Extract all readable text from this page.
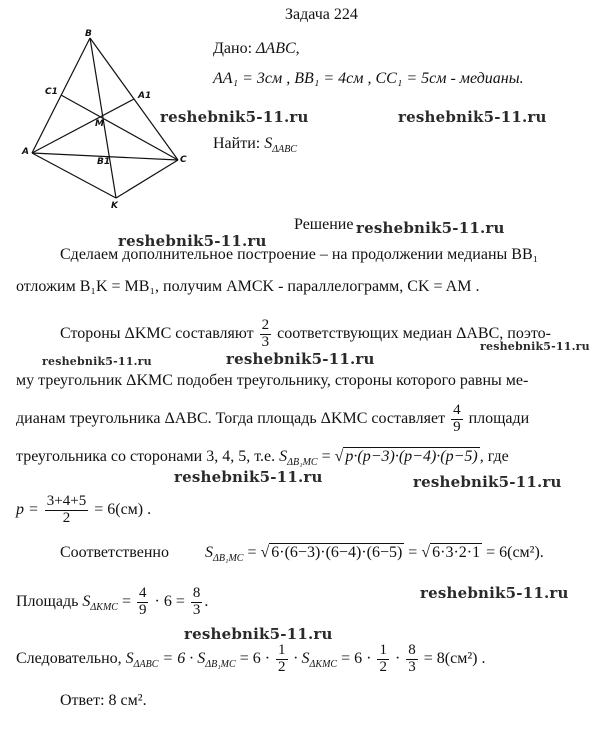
Задача 224
B
C1	A1
M
A
B1	C
K
Дано: ΔABC,
AA₁ = 3см , BB₁ = 4см , CC₁ = 5см - медианы.
reshebnik5-11.ru	reshebnik5-11.ru
Найти: $S_{\Delta ABC}$
Решение reshebnik5-11.ru
reshebnik5-11.ru
Сделаем дополнительное построение – на продолжении медианы BB₁
отложим B₁K = MB₁, получим AMCK - параллелограмм, CK = AM .
Стороны ΔKMC составляют $\frac{2}{3}$ соответствующих медиан ΔABC, поэто-
reshebnik5-11.ru
reshebnik5-11.ru	reshebnik5-11.ru
му треугольник ΔKMC подобен треугольнику, стороны которого равны ме-
дианам треугольника ΔABC. Тогда площадь ΔKMC составляет $\frac{4}{9}$ площади
треугольника со сторонами 3, 4, 5, т.е. $S_{\Delta B_1MC}$ = √ p·(p−3)·(p−4)·(p−5) , где
reshebnik5-11.ru	reshebnik5-11.ru
$p = \frac{3+4+5}{2} = 6(см)$ .
Соответственно $S_{\Delta B_1MC}$ = √ 6·(6−3)·(6−4)·(6−5) = √ 6·3·2·1 = 6(см²).
reshebnik5-11.ru
Площадь $S_{\Delta KMC} = \frac{4}{9} \cdot 6 = \frac{8}{3}$ .
reshebnik5-11.ru
Следовательно, $S_{\Delta ABC} = 6 \cdot S_{\Delta B_1MC} = 6 \cdot \frac{1}{2} \cdot S_{\Delta KMC} = 6 \cdot \frac{1}{2} \cdot \frac{8}{3} = 8(см^2)$ .
Ответ: 8 см².
